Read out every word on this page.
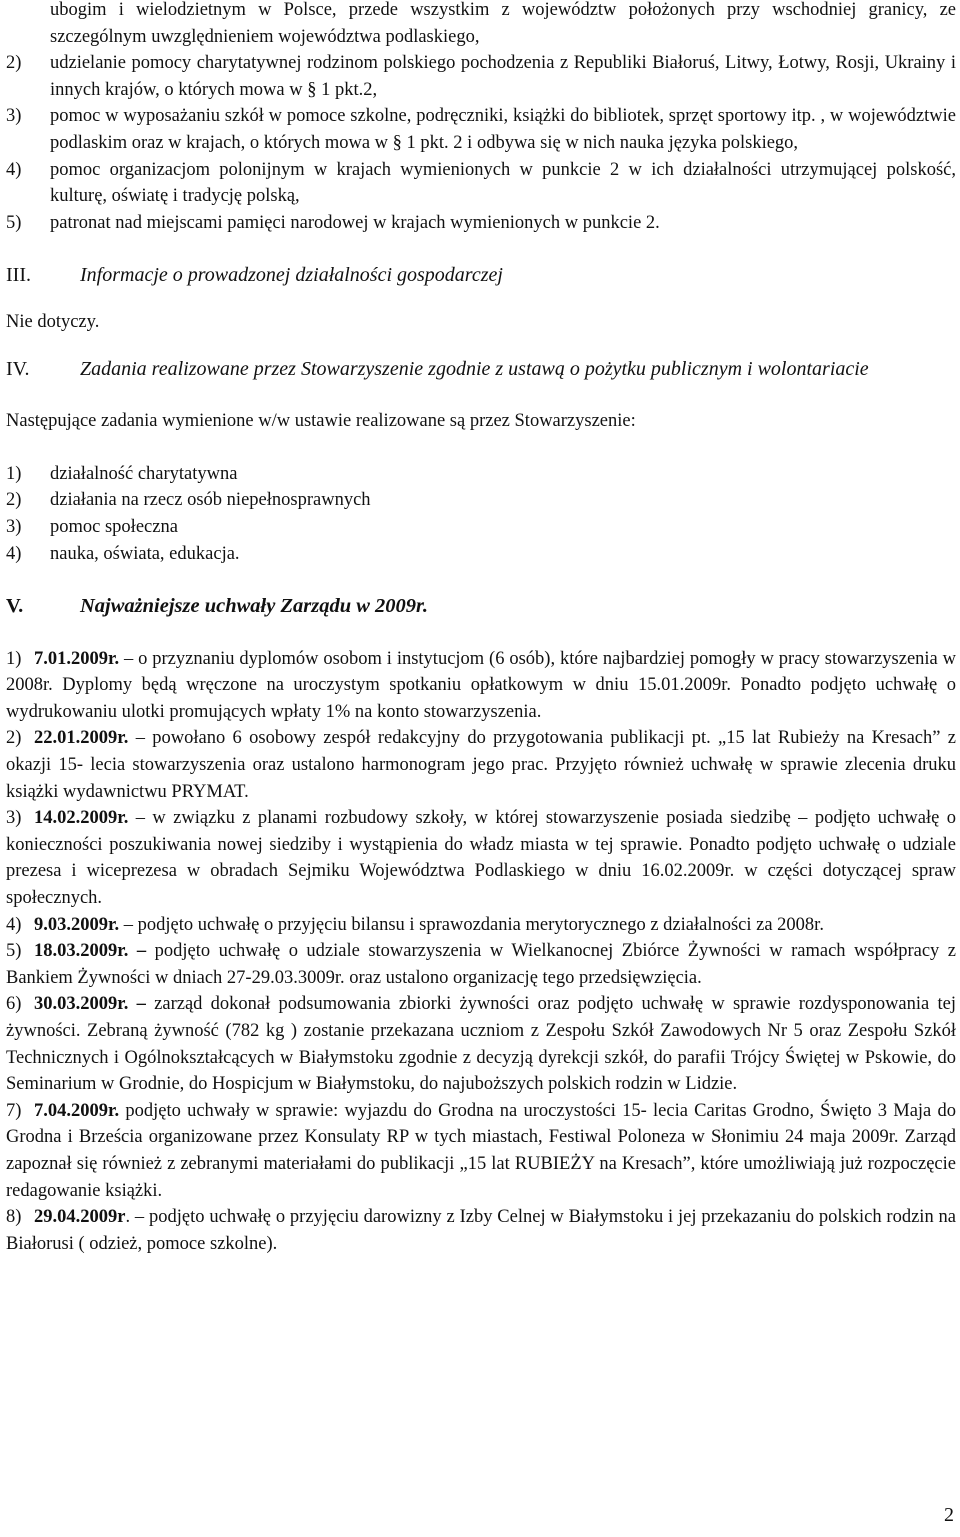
ubogim i wielodzietnym w Polsce, przede wszystkim z województw położonych przy wschodniej granicy, ze szczególnym uwzględnieniem województwa podlaskiego,

2) udzielanie pomocy charytatywnej rodzinom polskiego pochodzenia z Republiki Białoruś, Litwy, Łotwy, Rosji, Ukrainy i innych krajów, o których mowa w § 1 pkt.2,

3) pomoc w wyposażaniu szkół w pomoce szkolne, podręczniki, książki do bibliotek, sprzęt sportowy itp. , w województwie podlaskim oraz w krajach, o których mowa w § 1 pkt. 2 i odbywa się w nich nauka języka polskiego,

4) pomoc organizacjom polonijnym w krajach wymienionych w punkcie 2 w ich działalności utrzymującej polskość, kulturę, oświatę i tradycję polską,

5) patronat nad miejscami pamięci narodowej w krajach wymienionych w punkcie 2.

III. Informacje o prowadzonej działalności gospodarczej

Nie dotyczy.

IV.	Zadania realizowane przez Stowarzyszenie zgodnie z ustawą o pożytku publicznym i wolontariacie

Następujące zadania wymienione w/w ustawie realizowane są przez Stowarzyszenie:

1) działalność charytatywna

2) działania na rzecz osób niepełnosprawnych

3) pomoc społeczna

4) nauka, oświata, edukacja.

V.	Najważniejsze uchwały Zarządu w 2009r.

1) 7.01.2009r. – o przyznaniu dyplomów osobom i instytucjom (6 osób), które najbardziej pomogły w pracy stowarzyszenia w 2008r. Dyplomy będą wręczone na uroczystym spotkaniu opłatkowym w dniu 15.01.2009r. Ponadto podjęto uchwałę o wydrukowaniu ulotki promujących wpłaty 1% na konto stowarzyszenia.

2) 22.01.2009r. – powołano 6 osobowy zespół redakcyjny do przygotowania publikacji pt. „15 lat Rubieży na Kresach” z okazji 15- lecia stowarzyszenia oraz ustalono harmonogram jego prac. Przyjęto również uchwałę w sprawie zlecenia druku książki wydawnictwu PRYMAT.

3) 14.02.2009r. – w związku z planami rozbudowy szkoły, w której stowarzyszenie posiada siedzibę – podjęto uchwałę o konieczności poszukiwania nowej siedziby i wystąpienia do władz miasta w tej sprawie. Ponadto podjęto uchwałę o udziale prezesa i wiceprezesa w obradach Sejmiku Województwa Podlaskiego w dniu 16.02.2009r. w części dotyczącej spraw społecznych.

4) 9.03.2009r. – podjęto uchwałę o przyjęciu bilansu i sprawozdania merytorycznego z działalności za 2008r.

5) 18.03.2009r. – podjęto uchwałę o udziale stowarzyszenia w Wielkanocnej Zbiórce Żywności w ramach współpracy z Bankiem Żywności w dniach 27-29.03.3009r. oraz ustalono organizację tego przedsięwzięcia.

6) 30.03.2009r. – zarząd dokonał podsumowania zbiorki żywności oraz podjęto uchwałę w sprawie rozdysponowania tej żywności. Zebraną żywność (782 kg ) zostanie przekazana uczniom z Zespołu Szkół Zawodowych Nr 5 oraz Zespołu Szkół Technicznych i Ogólnokształcących w Białymstoku zgodnie z decyzją dyrekcji szkół, do parafii Trójcy Świętej w Pskowie, do Seminarium w Grodnie, do Hospicjum w Białymstoku, do najuboższych polskich rodzin w Lidzie.

7) 7.04.2009r. podjęto uchwały w sprawie: wyjazdu do Grodna na uroczystości 15- lecia Caritas Grodno, Święto 3 Maja do Grodna i Brześcia organizowane przez Konsulaty RP w tych miastach, Festiwal Poloneza w Słonimiu 24 maja 2009r. Zarząd zapoznał się również z zebranymi materiałami do publikacji „15 lat RUBIEŻY na Kresach”, które umożliwiają już rozpoczęcie redagowanie książki.

8) 29.04.2009r. – podjęto uchwałę o przyjęciu darowizny z Izby Celnej w Białymstoku i jej przekazaniu do polskich rodzin na Białorusi ( odzież, pomoce szkolne).

2
